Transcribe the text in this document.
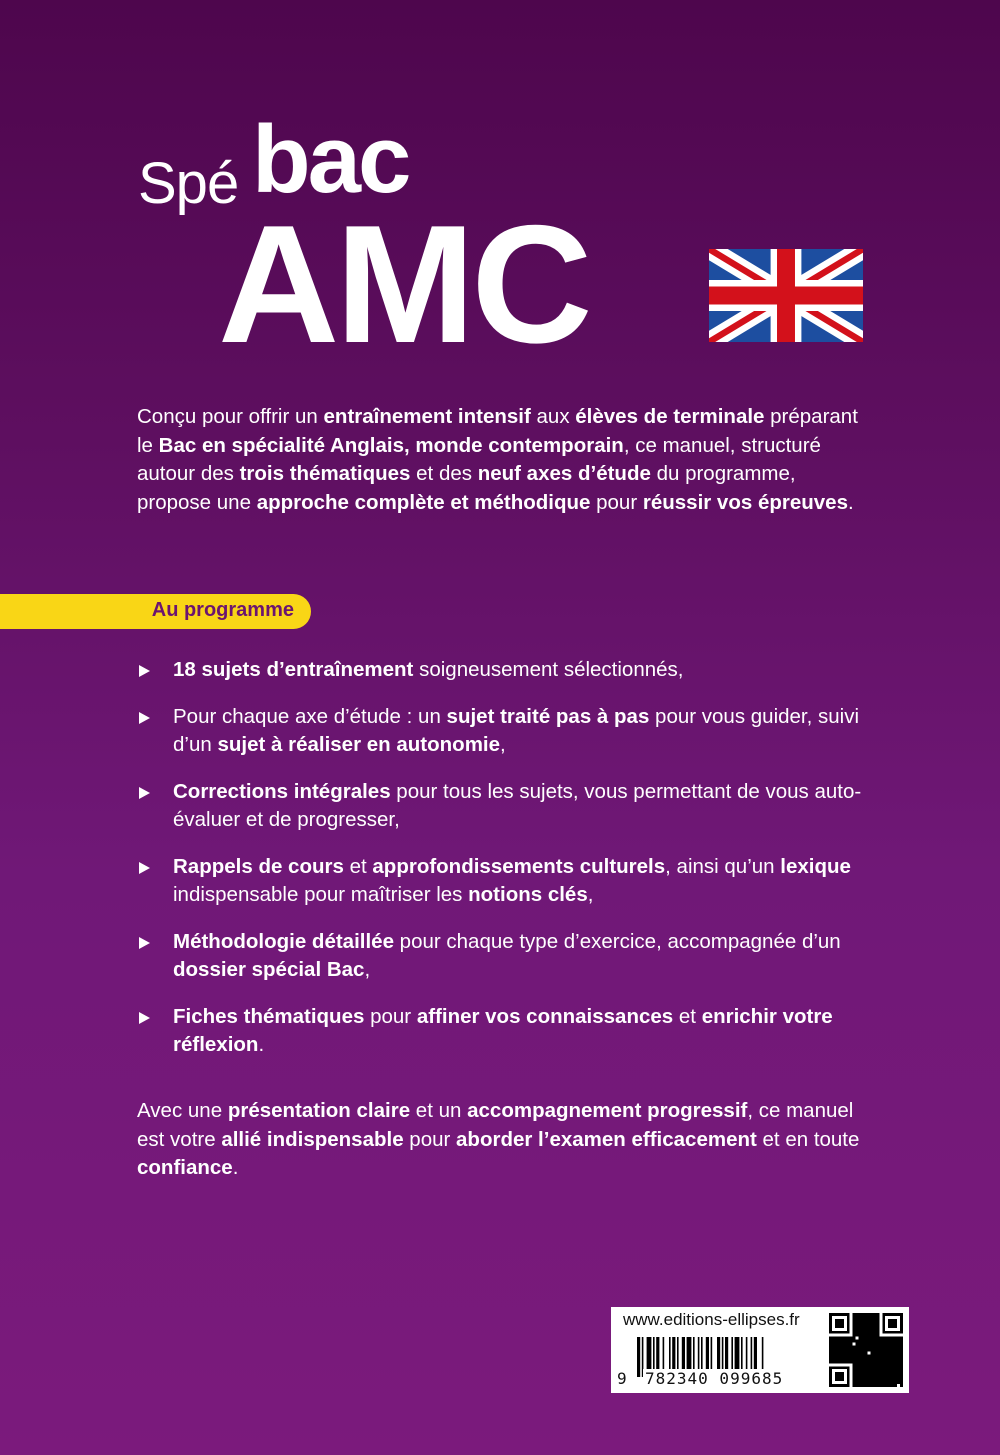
Spé bac
AMC
Conçu pour offrir un entraînement intensif aux élèves de terminale préparant le Bac en spécialité Anglais, monde contemporain, ce manuel, structuré autour des trois thématiques et des neuf axes d’étude du programme, propose une approche complète et méthodique pour réussir vos épreuves.
Au programme
18 sujets d’entraînement soigneusement sélectionnés,
Pour chaque axe d’étude : un sujet traité pas à pas pour vous guider, suivi d’un sujet à réaliser en autonomie,
Corrections intégrales pour tous les sujets, vous permettant de vous auto-évaluer et de progresser,
Rappels de cours et approfondissements culturels, ainsi qu’un lexique indispensable pour maîtriser les notions clés,
Méthodologie détaillée pour chaque type d’exercice, accompagnée d’un dossier spécial Bac,
Fiches thématiques pour affiner vos connaissances et enrichir votre réflexion.
Avec une présentation claire et un accompagnement progressif, ce manuel est votre allié indispensable pour aborder l’examen efficacement et en toute confiance.
www.editions-ellipses.fr
9 782340 099685
